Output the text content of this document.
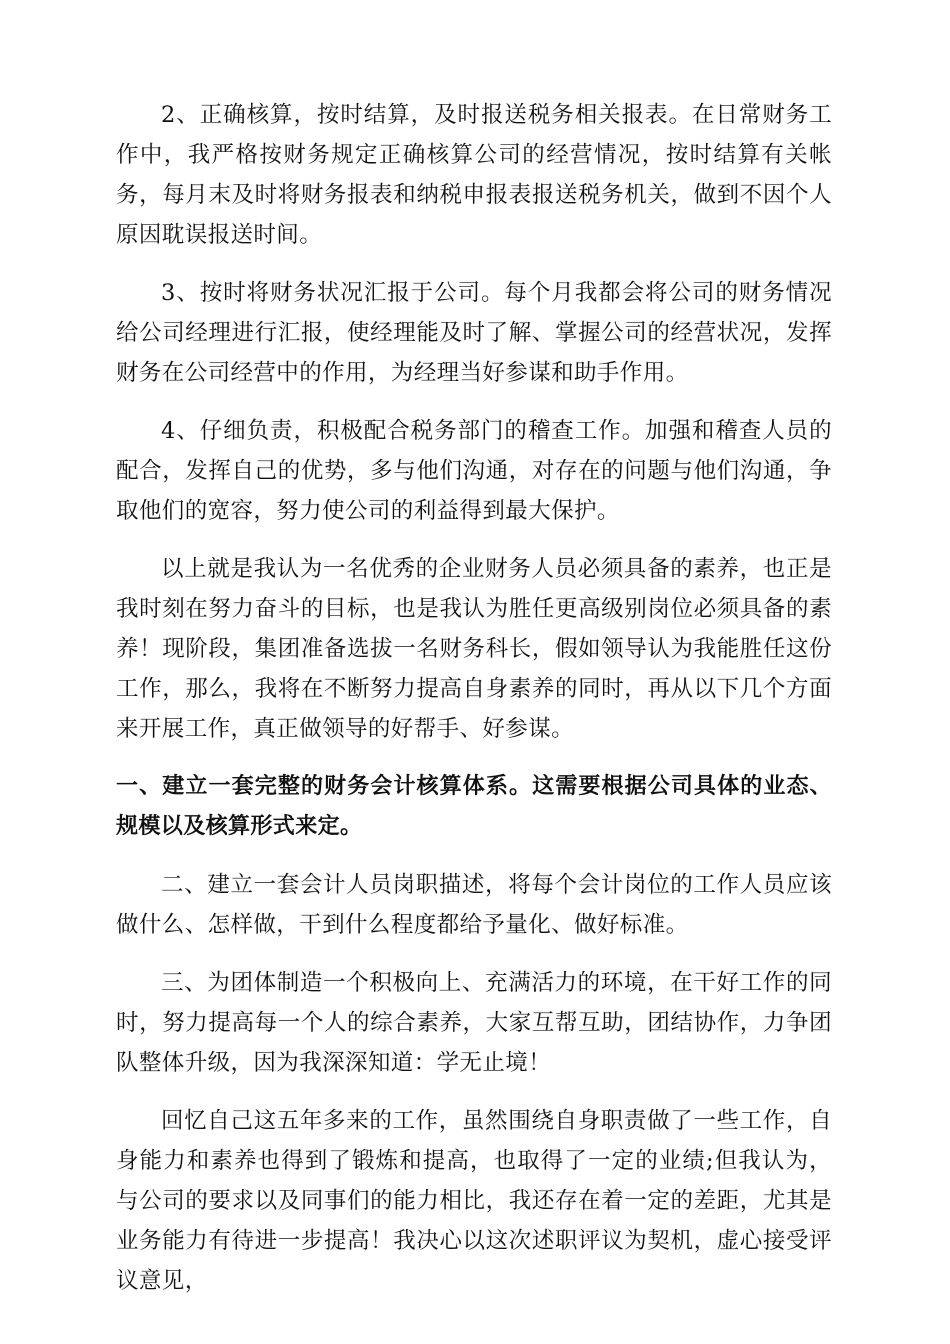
2、正确核算，按时结算，及时报送税务相关报表。在日常财务工作中，我严格按财务规定正确核算公司的经营情况，按时结算有关帐务，每月末及时将财务报表和纳税申报表报送税务机关，做到不因个人原因耽误报送时间。

3、按时将财务状况汇报于公司。每个月我都会将公司的财务情况给公司经理进行汇报，使经理能及时了解、掌握公司的经营状况，发挥财务在公司经营中的作用，为经理当好参谋和助手作用。

4、仔细负责，积极配合税务部门的稽查工作。加强和稽查人员的配合，发挥自己的优势，多与他们沟通，对存在的问题与他们沟通，争取他们的宽容，努力使公司的利益得到最大保护。

以上就是我认为一名优秀的企业财务人员必须具备的素养，也正是我时刻在努力奋斗的目标，也是我认为胜任更高级别岗位必须具备的素养！现阶段，集团准备选拔一名财务科长，假如领导认为我能胜任这份工作，那么，我将在不断努力提高自身素养的同时，再从以下几个方面来开展工作，真正做领导的好帮手、好参谋。

一、建立一套完整的财务会计核算体系。这需要根据公司具体的业态、规模以及核算形式来定。

二、建立一套会计人员岗职描述，将每个会计岗位的工作人员应该做什么、怎样做，干到什么程度都给予量化、做好标准。

三、为团体制造一个积极向上、充满活力的环境，在干好工作的同时，努力提高每一个人的综合素养，大家互帮互助，团结协作，力争团队整体升级，因为我深深知道：学无止境！

回忆自己这五年多来的工作，虽然围绕自身职责做了一些工作，自身能力和素养也得到了锻炼和提高，也取得了一定的业绩;但我认为，与公司的要求以及同事们的能力相比，我还存在着一定的差距，尤其是业务能力有待进一步提高！我决心以这次述职评议为契机，虚心接受评议意见，
